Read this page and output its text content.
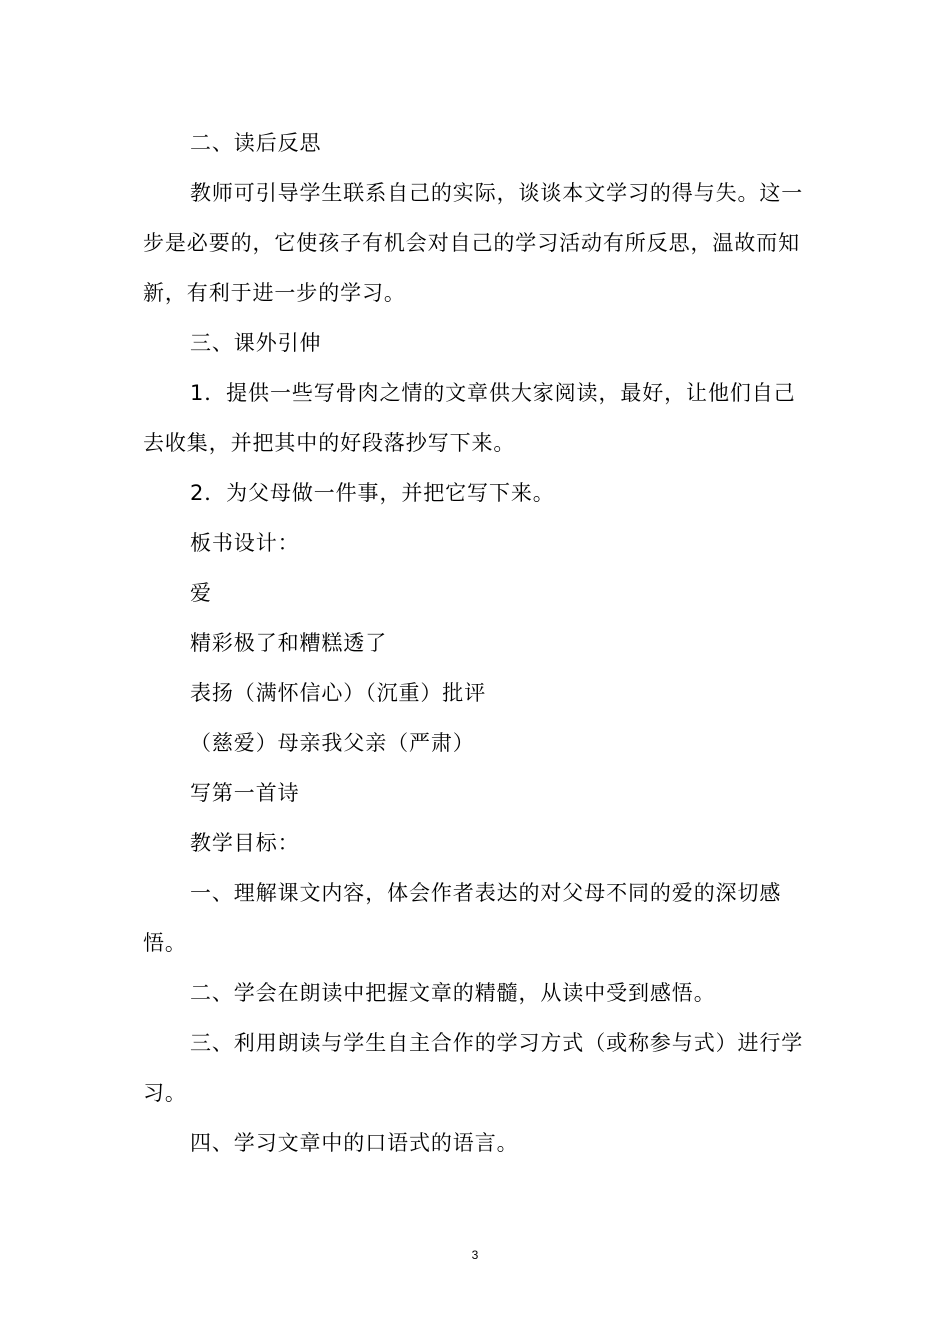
二、读后反思

教师可引导学生联系自己的实际，谈谈本文学习的得与失。这一步是必要的，它使孩子有机会对自己的学习活动有所反思，温故而知新，有利于进一步的学习。

三、课外引伸

1．提供一些写骨肉之情的文章供大家阅读，最好，让他们自己去收集，并把其中的好段落抄写下来。

2．为父母做一件事，并把它写下来。

板书设计：

爱

精彩极了和糟糕透了

表扬（满怀信心）（沉重）批评

（慈爱）母亲我父亲（严肃）

写第一首诗

教学目标：

一、理解课文内容，体会作者表达的对父母不同的爱的深切感悟。

二、学会在朗读中把握文章的精髓，从读中受到感悟。

三、利用朗读与学生自主合作的学习方式（或称参与式）进行学习。

四、学习文章中的口语式的语言。

3
